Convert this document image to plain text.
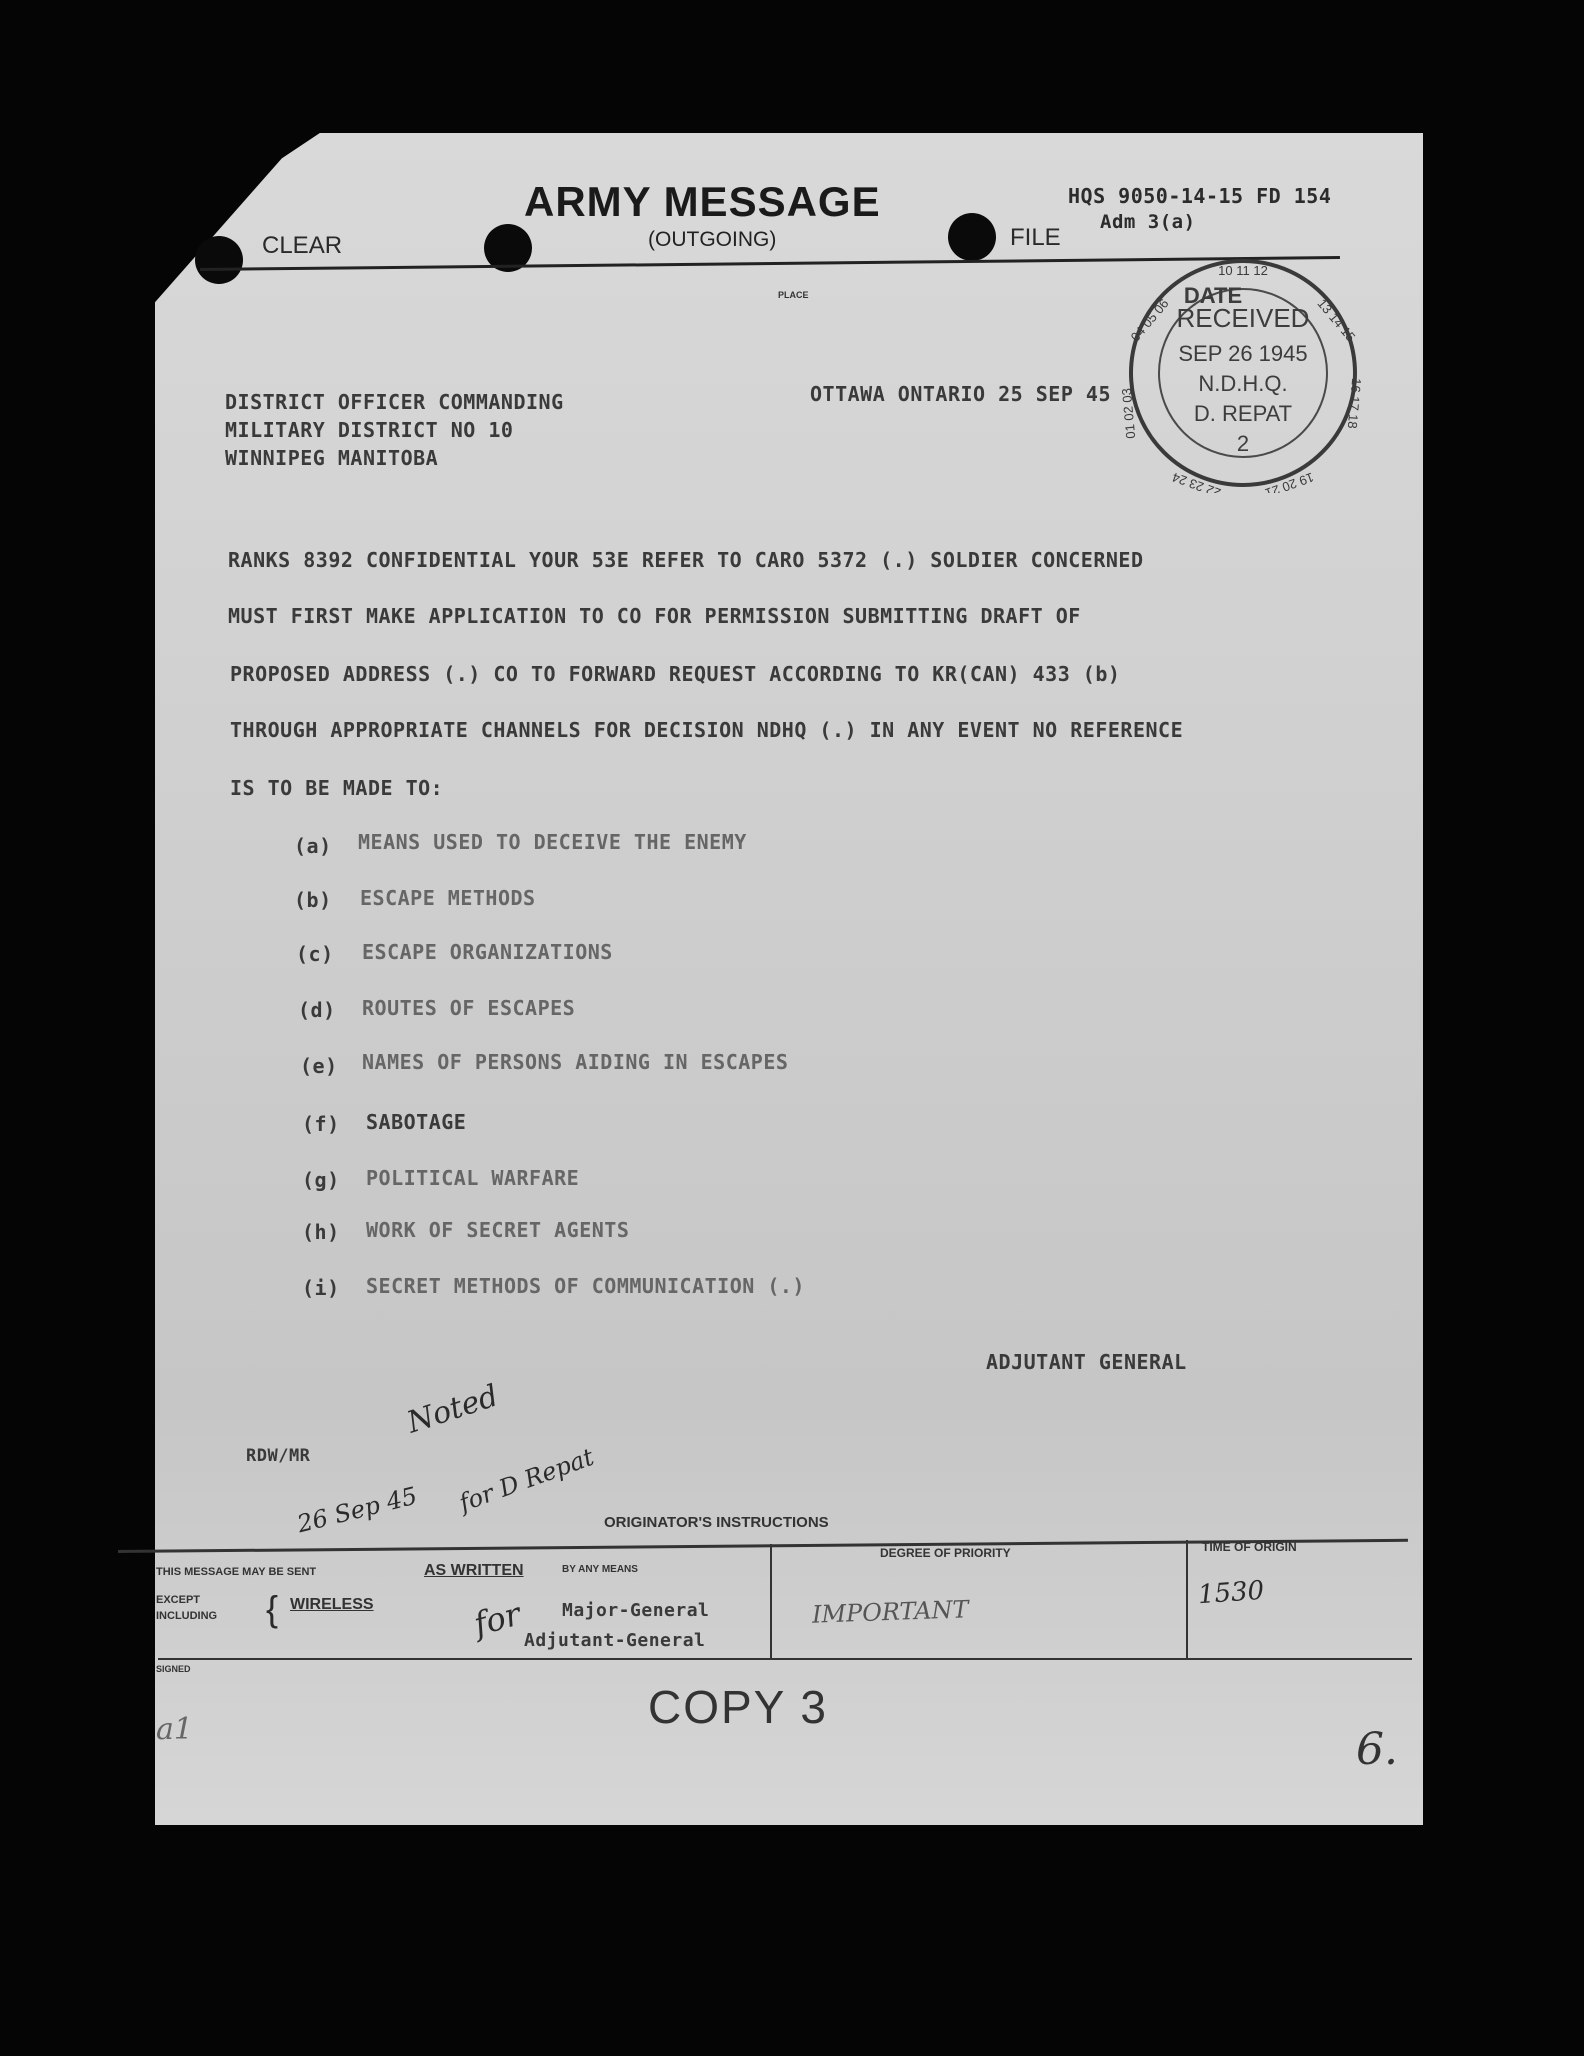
ARMY MESSAGE
(OUTGOING)
CLEAR	FILE
HQS 9050-14-15 FD 154
Adm 3(a)
PLACE
10 11 12
13 14 15
16 17 18
19 20 21
22 23 24
01 02 03
04 05 06
DATE
RECEIVED
SEP 26 1945
N.D.H.Q.
D. REPAT
2
DISTRICT OFFICER COMMANDING
MILITARY DISTRICT NO 10
WINNIPEG MANITOBA
OTTAWA ONTARIO 25 SEP 45
RANKS 8392 CONFIDENTIAL YOUR 53E REFER TO CARO 5372 (.) SOLDIER CONCERNED
MUST FIRST MAKE APPLICATION TO CO FOR PERMISSION SUBMITTING DRAFT OF
PROPOSED ADDRESS (.) CO TO FORWARD REQUEST ACCORDING TO KR(CAN) 433 (b)
THROUGH APPROPRIATE CHANNELS FOR DECISION NDHQ (.) IN ANY EVENT NO REFERENCE
IS TO BE MADE TO:
(a) MEANS USED TO DECEIVE THE ENEMY
(b) ESCAPE METHODS
(c) ESCAPE ORGANIZATIONS
(d) ROUTES OF ESCAPES
(e) NAMES OF PERSONS AIDING IN ESCAPES
(f) SABOTAGE
(g) POLITICAL WARFARE
(h) WORK OF SECRET AGENTS
(i) SECRET METHODS OF COMMUNICATION (.)
ADJUTANT GENERAL
RDW/MR
Noted
for D Repat
26 Sep 45
for	IMPORTANT
1530
a1	6.
ORIGINATOR'S INSTRUCTIONS
THIS MESSAGE MAY BE SENT	AS WRITTEN	BY ANY MEANS
EXCEPT
INCLUDING { WIRELESS	Major-General
Adjutant-General
DEGREE OF PRIORITY	TIME OF ORIGIN
SIGNED
COPY 3
